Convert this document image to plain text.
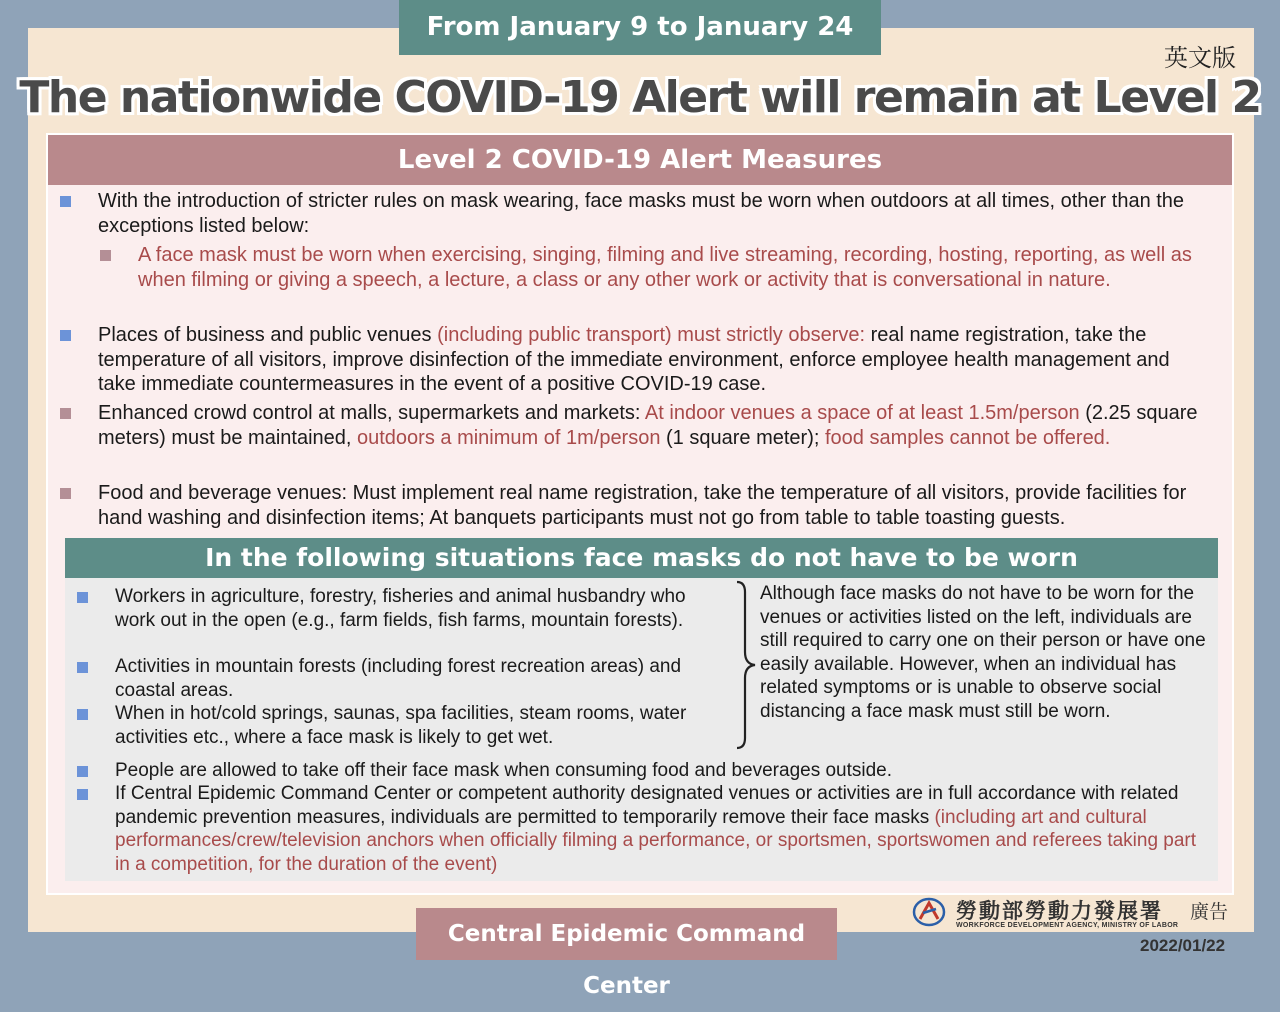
From January 9 to January 24
英文版
The nationwide COVID-19 Alert will remain at Level 2
Level 2 COVID-19 Alert Measures
With the introduction of stricter rules on mask wearing, face masks must be worn when outdoors at all times, other than the exceptions listed below:
A face mask must be worn when exercising, singing, filming and live streaming, recording, hosting, reporting, as well as when filming or giving a speech, a lecture, a class or any other work or activity that is conversational in nature.
Places of business and public venues (including public transport) must strictly observe: real name registration, take the temperature of all visitors, improve disinfection of the immediate environment, enforce employee health management and take immediate countermeasures in the event of a positive COVID-19 case.
Enhanced crowd control at malls, supermarkets and markets: At indoor venues a space of at least 1.5m/person (2.25 square meters) must be maintained, outdoors a minimum of 1m/person (1 square meter); food samples cannot be offered.
Food and beverage venues: Must implement real name registration, take the temperature of all visitors, provide facilities for hand washing and disinfection items; At banquets participants must not go from table to table toasting guests.
In the following situations face masks do not have to be worn
Workers in agriculture, forestry, fisheries and animal husbandry who work out in the open (e.g., farm fields, fish farms, mountain forests).
Activities in mountain forests (including forest recreation areas) and coastal areas.
When in hot/cold springs, saunas, spa facilities, steam rooms, water activities etc., where a face mask is likely to get wet.
Although face masks do not have to be worn for the venues or activities listed on the left, individuals are still required to carry one on their person or have one easily available. However, when an individual has related symptoms or is unable to observe social distancing a face mask must still be worn.
People are allowed to take off their face mask when consuming food and beverages outside.
If Central Epidemic Command Center or competent authority designated venues or activities are in full accordance with related pandemic prevention measures, individuals are permitted to temporarily remove their face masks (including art and cultural performances/crew/television anchors when officially filming a performance, or sportsmen, sportswomen and referees taking part in a competition, for the duration of the event)
Central Epidemic Command Center
勞動部勞動力發展署 廣告
WORKFORCE DEVELOPMENT AGENCY, MINISTRY OF LABOR
2022/01/22
